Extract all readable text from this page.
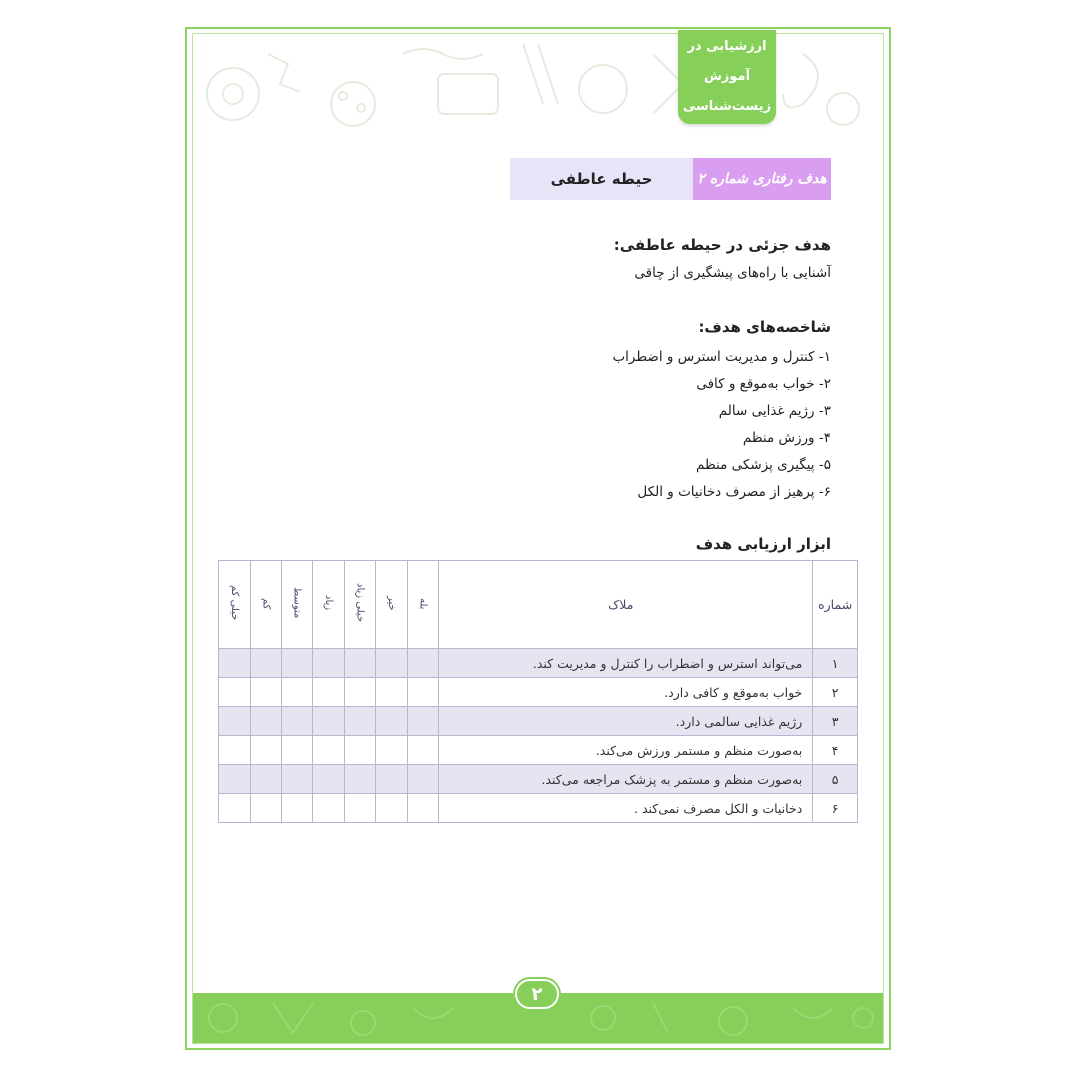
ارزشیابی در آموزش
زیست‌شناسی
هدف رفتاری شماره ۲
حیطه عاطفی
هدف جزئی در حیطه عاطفی:
آشنایی با راه‌های پیشگیری از چاقی
شاخصه‌های هدف:
۱- کنترل و مدیریت استرس و اضطراب
۲- خواب به‌موقع و کافی
۳- رژیم غذایی سالم
۴- ورزش منظم
۵- پیگیری پزشکی منظم
۶- پرهیز از مصرف دخانیات و الکل
ابزار ارزیابی هدف
شماره	ملاک	بله	خیر	خیلی زیاد	زیاد	متوسط	کم	خیلی کم
۱	می‌تواند استرس و اضطراب را کنترل و مدیریت کند.							
۲	خواب به‌موقع و کافی دارد.							
۳	رژیم غذایی سالمی دارد.							
۴	به‌صورت منظم و مستمر ورزش می‌کند.							
۵	به‌صورت منظم و مستمر به پزشک مراجعه می‌کند.							
۶	دخانیات و الکل مصرف نمی‌کند .							
۲
